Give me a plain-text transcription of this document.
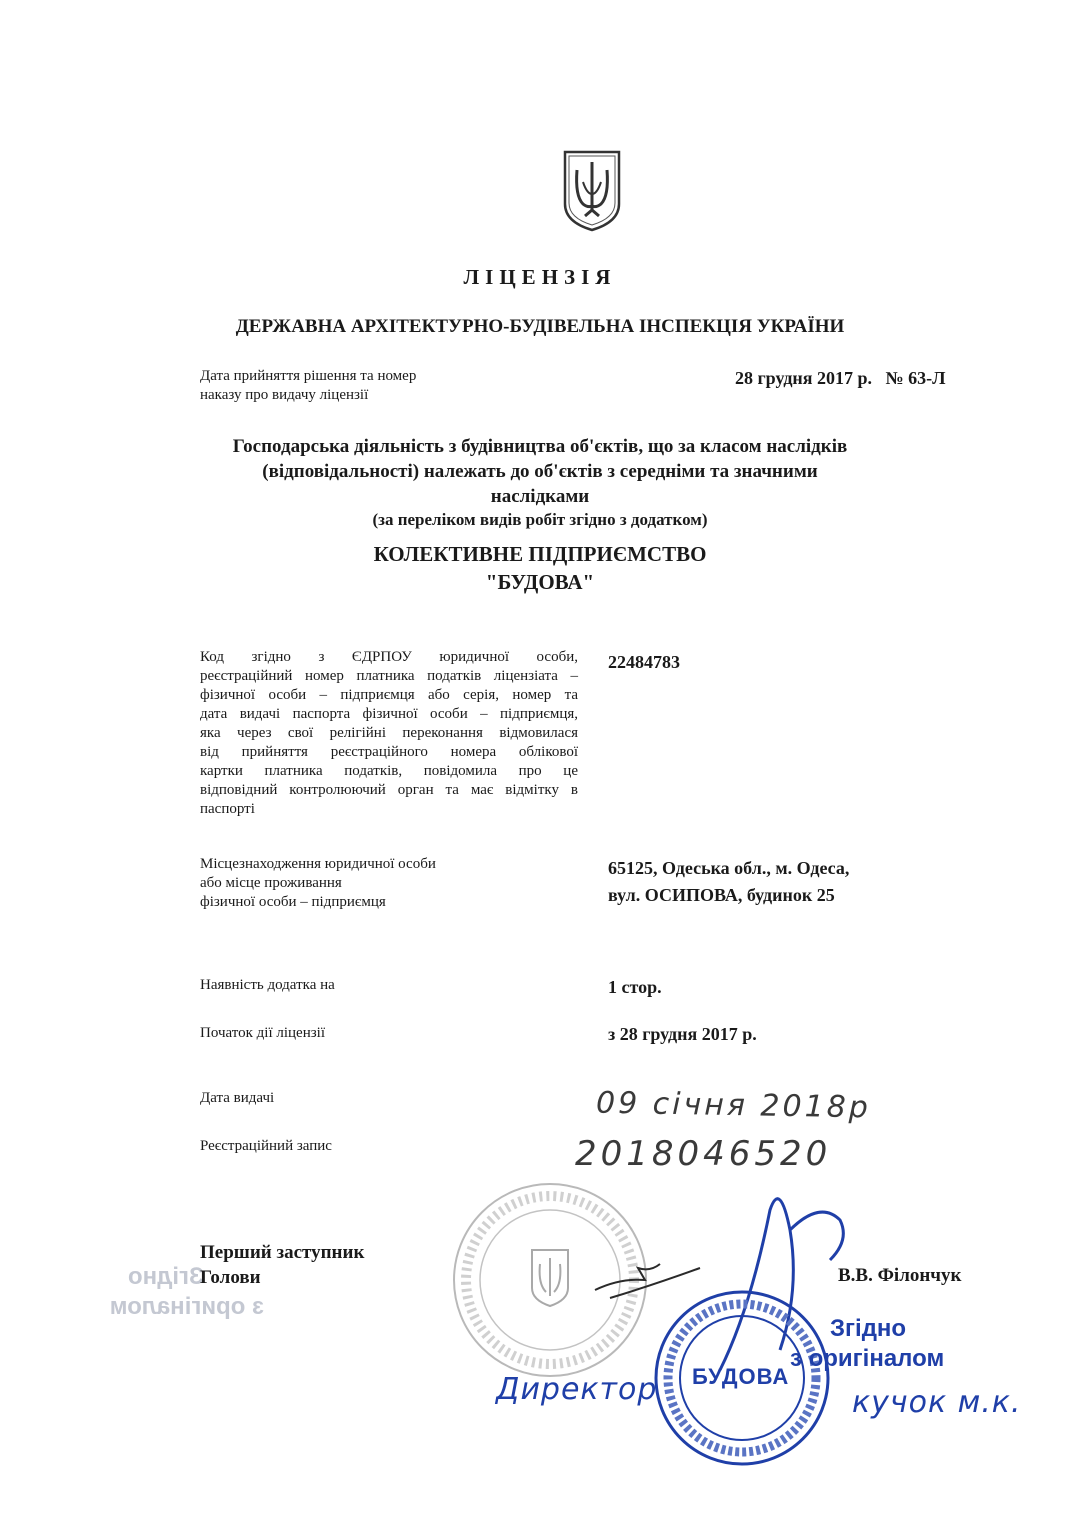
ЛІЦЕНЗІЯ
ДЕРЖАВНА АРХІТЕКТУРНО-БУДІВЕЛЬНА ІНСПЕКЦІЯ УКРАЇНИ
Дата прийняття рішення та номер
наказу про видачу ліцензії
28 грудня 2017 р.   № 63-Л
Господарська діяльність з будівництва об'єктів, що за класом наслідків
(відповідальності) належать до об'єктів з середніми та значними
наслідками
(за переліком видів робіт згідно з додатком)
КОЛЕКТИВНЕ ПІДПРИЄМСТВО
"БУДОВА"
Код згідно з ЄДРПОУ юридичної особи,
реєстраційний номер платника податків ліцензіата –
фізичної особи – підприємця або серія, номер та
дата видачі паспорта фізичної особи – підприємця,
яка через свої релігійні переконання відмовилася
від прийняття реєстраційного номера облікової
картки платника податків, повідомила про це
відповідний контролюючий орган та має відмітку в
паспорті
22484783
Місцезнаходження юридичної особи
або місце проживання
фізичної особи – підприємця
65125, Одеська обл., м. Одеса,
вул. ОСИПОВА, будинок 25
Наявність додатка на	1 стор.
Початок дії ліцензії	з 28 грудня 2017 р.
Дата видачі	09 січня 2018р
Реєстраційний запис	2018046520
Згідно
з оригіналом
Перший заступник
Голови	В.В. Філончук
БУДОВА
Згідно
з оригіналом
Директор	кучок м.к.
